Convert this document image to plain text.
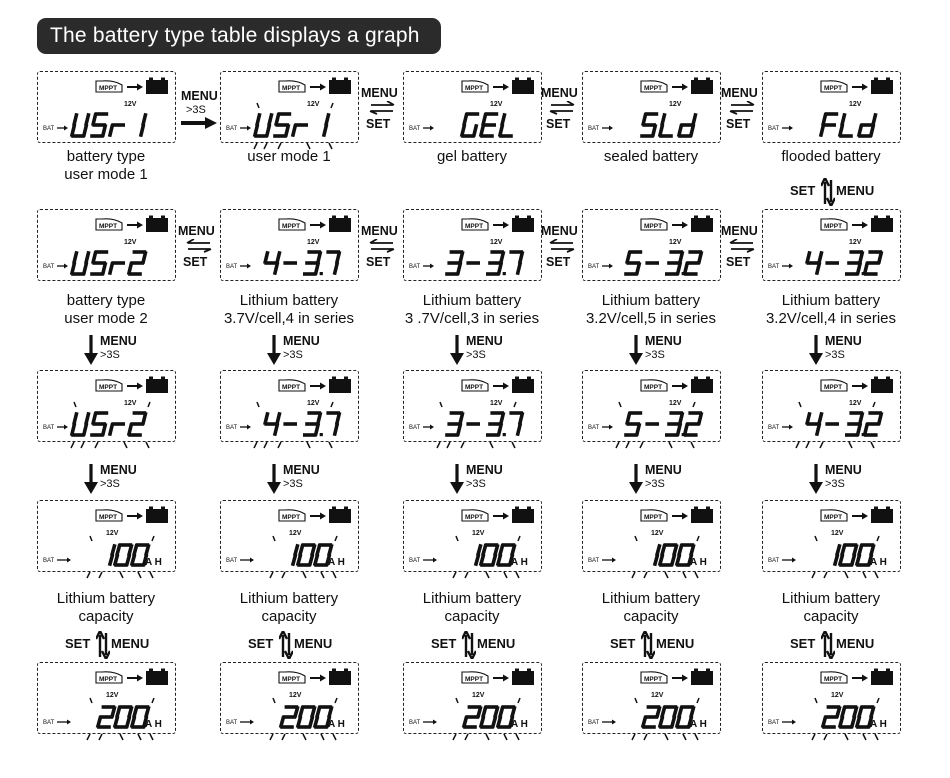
The battery type table displays a graph
MPPT
12V
BAT
battery type
user mode 1
MPPT
12V
BAT
user mode 1
MPPT
12V
BAT
gel battery
MPPT
12V
BAT
sealed battery
MPPT
12V
BAT
flooded battery
MENU
>3S
MENU
SET
MENU
SET
MENU
SET
SET MENU
MPPT
12V
BAT
battery type
user mode 2
MPPT
12V
BAT
Lithium battery
3.7V/cell,4 in series
MPPT
12V
BAT
Lithium battery
3 .7V/cell,3 in series
MPPT
12V
BAT
Lithium battery
3.2V/cell,5 in series
MPPT
12V
BAT
Lithium battery
3.2V/cell,4 in series
MENU
SET
MENU
SET
MENU
SET
MENU
SET
MENU
>3S
MENU
>3S
MENU
>3S
MENU
>3S
MENU
>3S
MENU
>3S
MENU
>3S
MENU
>3S
MENU
>3S
MENU
>3S
MPPT
12V
BAT
MPPT
12V
BAT
MPPT
12V
BAT
MPPT
12V
BAT
MPPT
12V
BAT
MPPT
12V
BAT	A H
Lithium battery
capacity
SET MENU
MPPT
12V
BAT	A H
MPPT
12V
BAT	A H
Lithium battery
capacity
SET MENU
MPPT
12V
BAT	A H
MPPT
12V
BAT	A H
Lithium battery
capacity
SET MENU
MPPT
12V
BAT	A H
MPPT
12V
BAT	A H
Lithium battery
capacity
SET MENU
MPPT
12V
BAT	A H
MPPT
12V
BAT	A H
Lithium battery
capacity
SET MENU
MPPT
12V
BAT	A H
